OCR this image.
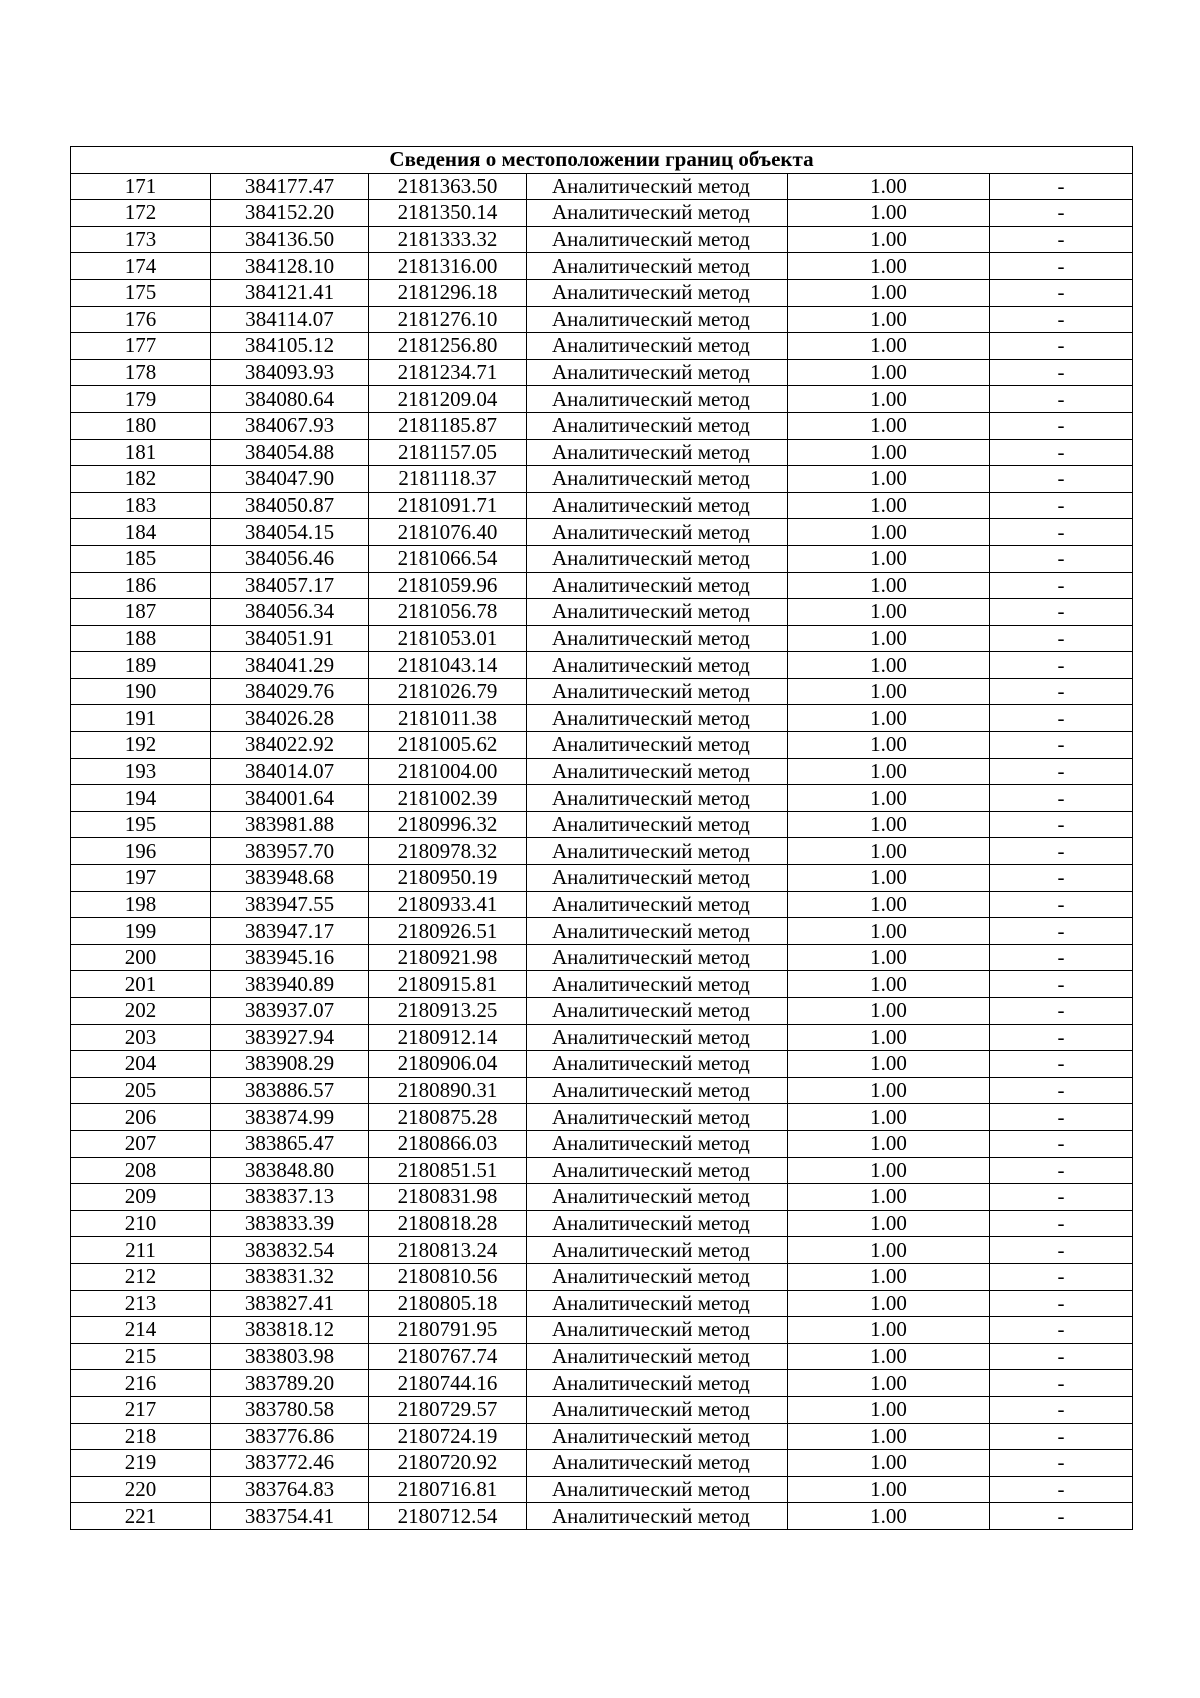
Сведения о местоположении границ объекта					
171	384177.47	2181363.50	Аналитический метод	1.00	-
172	384152.20	2181350.14	Аналитический метод	1.00	-
173	384136.50	2181333.32	Аналитический метод	1.00	-
174	384128.10	2181316.00	Аналитический метод	1.00	-
175	384121.41	2181296.18	Аналитический метод	1.00	-
176	384114.07	2181276.10	Аналитический метод	1.00	-
177	384105.12	2181256.80	Аналитический метод	1.00	-
178	384093.93	2181234.71	Аналитический метод	1.00	-
179	384080.64	2181209.04	Аналитический метод	1.00	-
180	384067.93	2181185.87	Аналитический метод	1.00	-
181	384054.88	2181157.05	Аналитический метод	1.00	-
182	384047.90	2181118.37	Аналитический метод	1.00	-
183	384050.87	2181091.71	Аналитический метод	1.00	-
184	384054.15	2181076.40	Аналитический метод	1.00	-
185	384056.46	2181066.54	Аналитический метод	1.00	-
186	384057.17	2181059.96	Аналитический метод	1.00	-
187	384056.34	2181056.78	Аналитический метод	1.00	-
188	384051.91	2181053.01	Аналитический метод	1.00	-
189	384041.29	2181043.14	Аналитический метод	1.00	-
190	384029.76	2181026.79	Аналитический метод	1.00	-
191	384026.28	2181011.38	Аналитический метод	1.00	-
192	384022.92	2181005.62	Аналитический метод	1.00	-
193	384014.07	2181004.00	Аналитический метод	1.00	-
194	384001.64	2181002.39	Аналитический метод	1.00	-
195	383981.88	2180996.32	Аналитический метод	1.00	-
196	383957.70	2180978.32	Аналитический метод	1.00	-
197	383948.68	2180950.19	Аналитический метод	1.00	-
198	383947.55	2180933.41	Аналитический метод	1.00	-
199	383947.17	2180926.51	Аналитический метод	1.00	-
200	383945.16	2180921.98	Аналитический метод	1.00	-
201	383940.89	2180915.81	Аналитический метод	1.00	-
202	383937.07	2180913.25	Аналитический метод	1.00	-
203	383927.94	2180912.14	Аналитический метод	1.00	-
204	383908.29	2180906.04	Аналитический метод	1.00	-
205	383886.57	2180890.31	Аналитический метод	1.00	-
206	383874.99	2180875.28	Аналитический метод	1.00	-
207	383865.47	2180866.03	Аналитический метод	1.00	-
208	383848.80	2180851.51	Аналитический метод	1.00	-
209	383837.13	2180831.98	Аналитический метод	1.00	-
210	383833.39	2180818.28	Аналитический метод	1.00	-
211	383832.54	2180813.24	Аналитический метод	1.00	-
212	383831.32	2180810.56	Аналитический метод	1.00	-
213	383827.41	2180805.18	Аналитический метод	1.00	-
214	383818.12	2180791.95	Аналитический метод	1.00	-
215	383803.98	2180767.74	Аналитический метод	1.00	-
216	383789.20	2180744.16	Аналитический метод	1.00	-
217	383780.58	2180729.57	Аналитический метод	1.00	-
218	383776.86	2180724.19	Аналитический метод	1.00	-
219	383772.46	2180720.92	Аналитический метод	1.00	-
220	383764.83	2180716.81	Аналитический метод	1.00	-
221	383754.41	2180712.54	Аналитический метод	1.00	-
